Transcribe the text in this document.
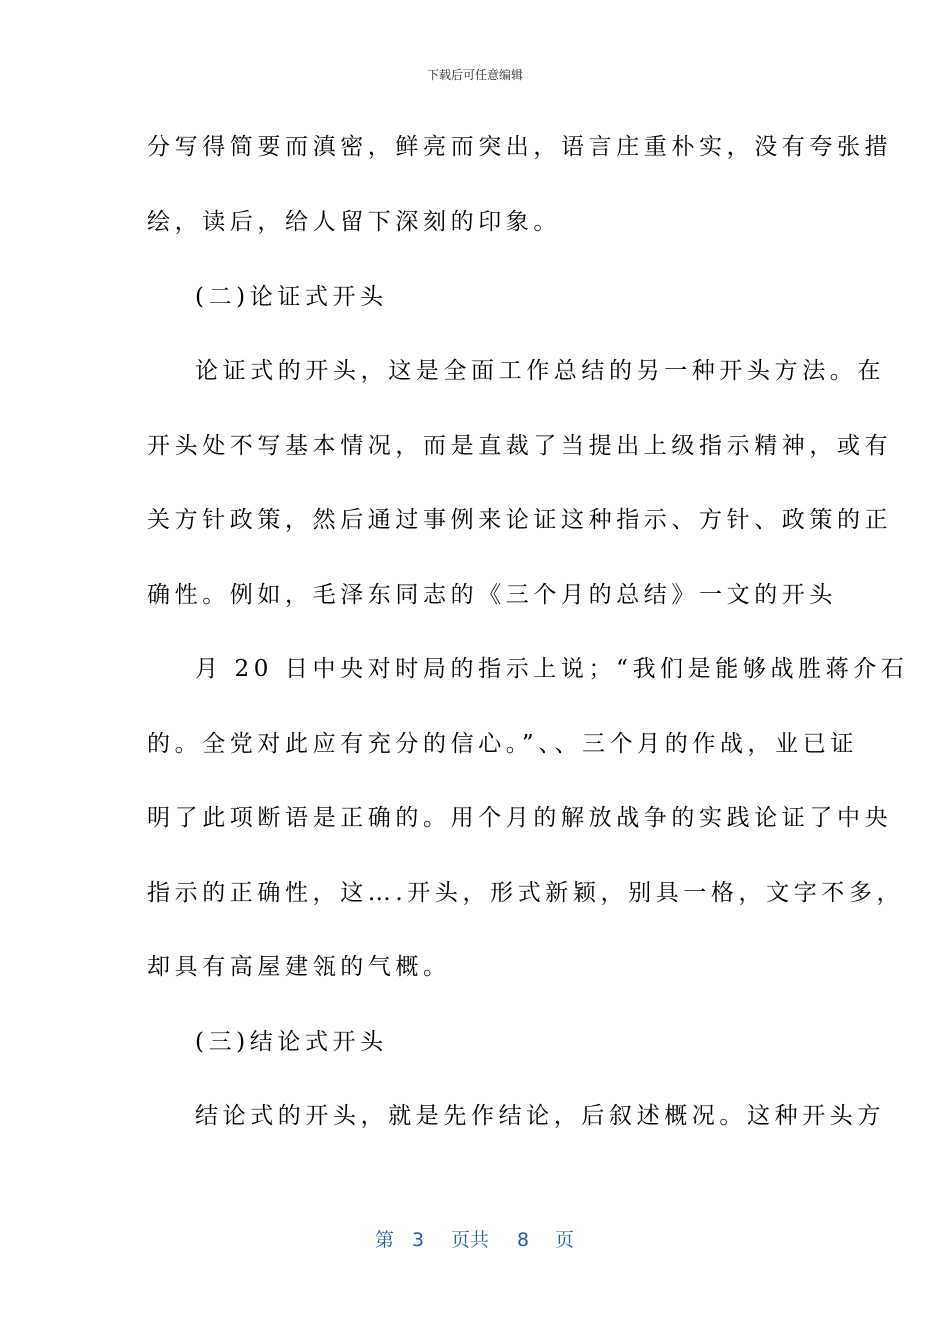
下载后可任意编辑
分写得简要而滇密，鲜亮而突出，语言庄重朴实，没有夸张措
绘，读后，给人留下深刻的印象。
(二)论证式开头
论证式的开头，这是全面工作总结的另一种开头方法。在
开头处不写基本情况，而是直裁了当提出上级指示精神，或有
关方针政策，然后通过事例来论证这种指示、方针、政策的正
确性。例如，毛泽东同志的《三个月的总结》一文的开头
月 20 日中央对时局的指示上说；“我们是能够战胜蒋介石
的。全党对此应有充分的信心。”、、三个月的作战，业已证
明了此项断语是正确的。用个月的解放战争的实践论证了中央
指示的正确性，这….开头，形式新颖，别具一格，文字不多，
却具有高屋建瓴的气概。
(三)结论式开头
结论式的开头，就是先作结论，后叙述概况。这种开头方
第 3 页共 8 页
